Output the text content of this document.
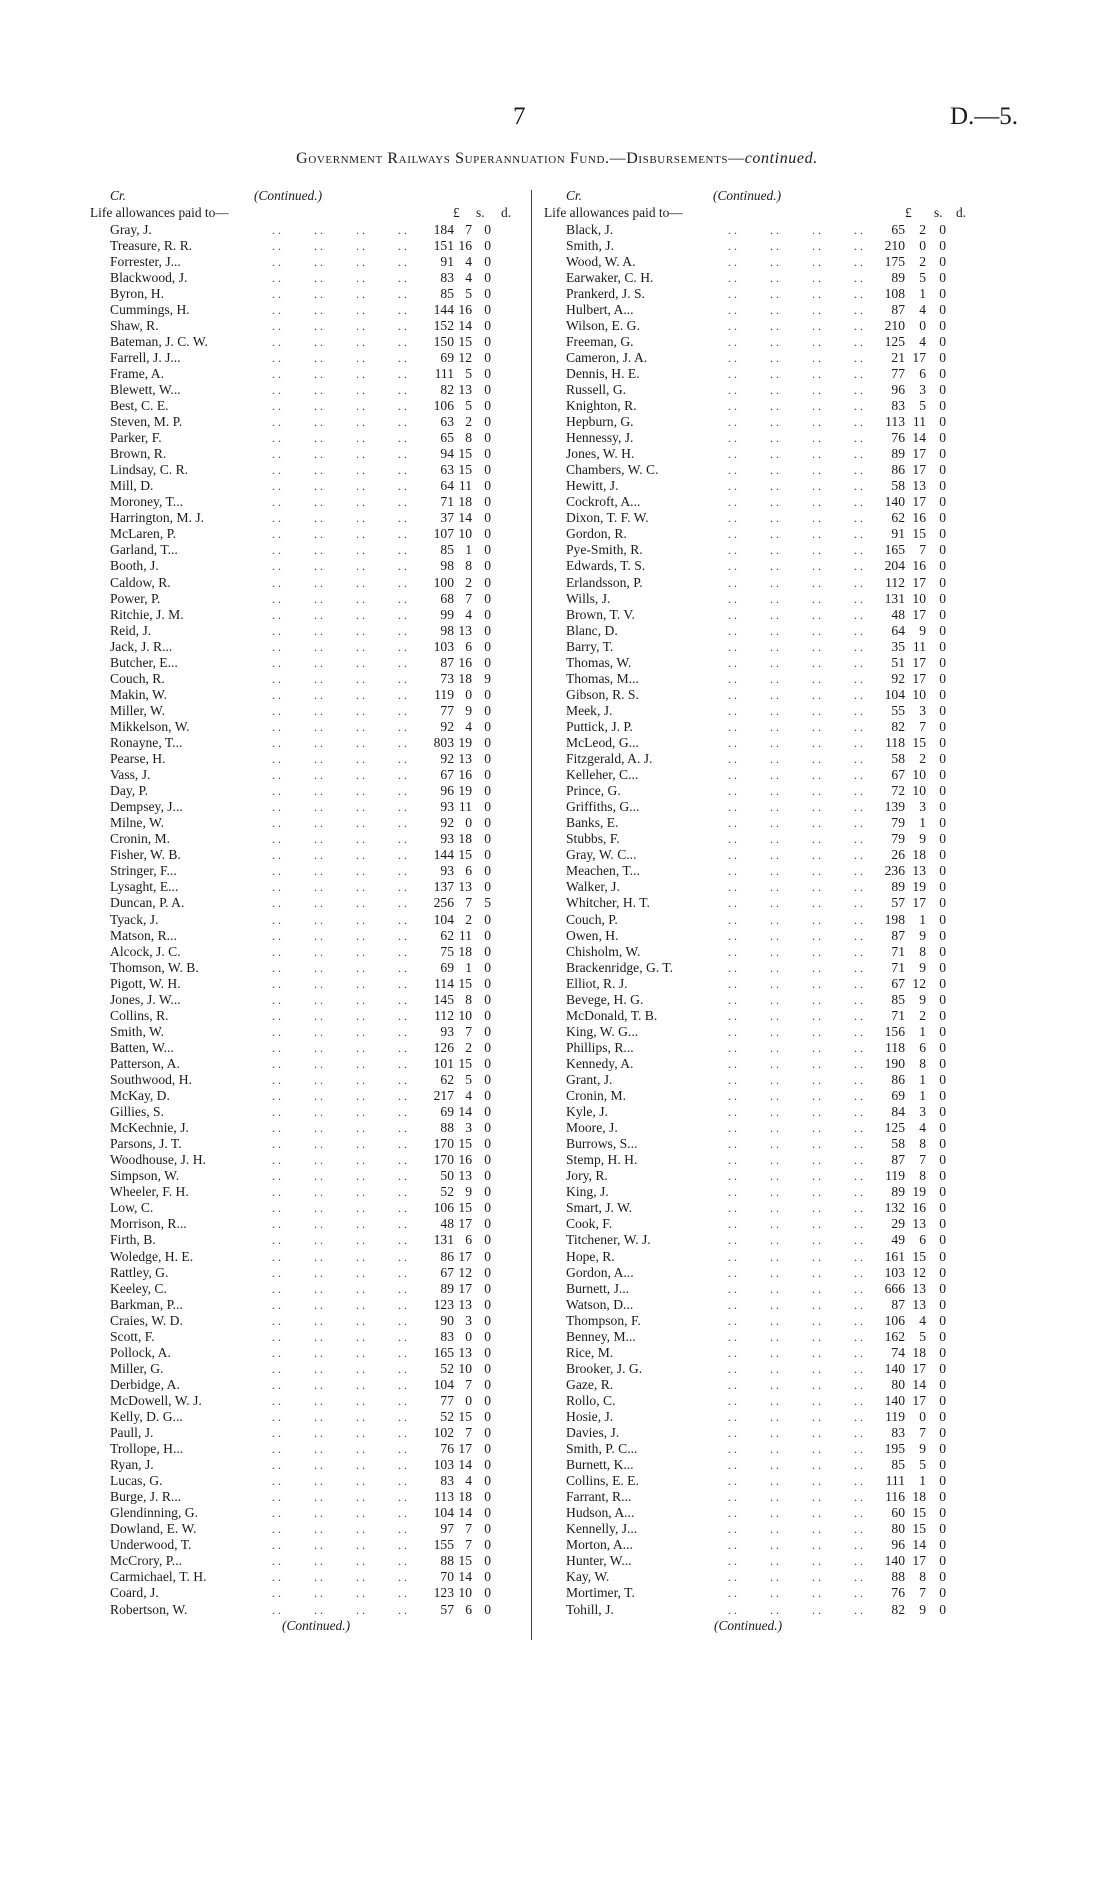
7	D.—5.
Government Railways Superannuation Fund.—Disbursements—continued.
Cr.	(Continued.)
Life allowances paid to—	£ s. d.
Gray, J.	..     ..     ..     ..	184 7 0
Treasure, R. R.	..     ..     ..     ..	151 16 0
Forrester, J...	..     ..     ..     ..	91 4 0
Blackwood, J.	..     ..     ..     ..	83 4 0
Byron, H.	..     ..     ..     ..	85 5 0
Cummings, H.	..     ..     ..     ..	144 16 0
Shaw, R.	..     ..     ..     ..	152 14 0
Bateman, J. C. W.	..     ..     ..     ..	150 15 0
Farrell, J. J...	..     ..     ..     ..	69 12 0
Frame, A.	..     ..     ..     ..	111 5 0
Blewett, W...	..     ..     ..     ..	82 13 0
Best, C. E.	..     ..     ..     ..	106 5 0
Steven, M. P.	..     ..     ..     ..	63 2 0
Parker, F.	..     ..     ..     ..	65 8 0
Brown, R.	..     ..     ..     ..	94 15 0
Lindsay, C. R.	..     ..     ..     ..	63 15 0
Mill, D.	..     ..     ..     ..	64 11 0
Moroney, T...	..     ..     ..     ..	71 18 0
Harrington, M. J.	..     ..     ..     ..	37 14 0
McLaren, P.	..     ..     ..     ..	107 10 0
Garland, T...	..     ..     ..     ..	85 1 0
Booth, J.	..     ..     ..     ..	98 8 0
Caldow, R.	..     ..     ..     ..	100 2 0
Power, P.	..     ..     ..     ..	68 7 0
Ritchie, J. M.	..     ..     ..     ..	99 4 0
Reid, J.	..     ..     ..     ..	98 13 0
Jack, J. R...	..     ..     ..     ..	103 6 0
Butcher, E...	..     ..     ..     ..	87 16 0
Couch, R.	..     ..     ..     ..	73 18 9
Makin, W.	..     ..     ..     ..	119 0 0
Miller, W.	..     ..     ..     ..	77 9 0
Mikkelson, W.	..     ..     ..     ..	92 4 0
Ronayne, T...	..     ..     ..     ..	803 19 0
Pearse, H.	..     ..     ..     ..	92 13 0
Vass, J.	..     ..     ..     ..	67 16 0
Day, P.	..     ..     ..     ..	96 19 0
Dempsey, J...	..     ..     ..     ..	93 11 0
Milne, W.	..     ..     ..     ..	92 0 0
Cronin, M.	..     ..     ..     ..	93 18 0
Fisher, W. B.	..     ..     ..     ..	144 15 0
Stringer, F...	..     ..     ..     ..	93 6 0
Lysaght, E...	..     ..     ..     ..	137 13 0
Duncan, P. A.	..     ..     ..     ..	256 7 5
Tyack, J.	..     ..     ..     ..	104 2 0
Matson, R...	..     ..     ..     ..	62 11 0
Alcock, J. C.	..     ..     ..     ..	75 18 0
Thomson, W. B.	..     ..     ..     ..	69 1 0
Pigott, W. H.	..     ..     ..     ..	114 15 0
Jones, J. W...	..     ..     ..     ..	145 8 0
Collins, R.	..     ..     ..     ..	112 10 0
Smith, W.	..     ..     ..     ..	93 7 0
Batten, W...	..     ..     ..     ..	126 2 0
Patterson, A.	..     ..     ..     ..	101 15 0
Southwood, H.	..     ..     ..     ..	62 5 0
McKay, D.	..     ..     ..     ..	217 4 0
Gillies, S.	..     ..     ..     ..	69 14 0
McKechnie, J.	..     ..     ..     ..	88 3 0
Parsons, J. T.	..     ..     ..     ..	170 15 0
Woodhouse, J. H.	..     ..     ..     ..	170 16 0
Simpson, W.	..     ..     ..     ..	50 13 0
Wheeler, F. H.	..     ..     ..     ..	52 9 0
Low, C.	..     ..     ..     ..	106 15 0
Morrison, R...	..     ..     ..     ..	48 17 0
Firth, B.	..     ..     ..     ..	131 6 0
Woledge, H. E.	..     ..     ..     ..	86 17 0
Rattley, G.	..     ..     ..     ..	67 12 0
Keeley, C.	..     ..     ..     ..	89 17 0
Barkman, P...	..     ..     ..     ..	123 13 0
Craies, W. D.	..     ..     ..     ..	90 3 0
Scott, F.	..     ..     ..     ..	83 0 0
Pollock, A.	..     ..     ..     ..	165 13 0
Miller, G.	..     ..     ..     ..	52 10 0
Derbidge, A.	..     ..     ..     ..	104 7 0
McDowell, W. J.	..     ..     ..     ..	77 0 0
Kelly, D. G...	..     ..     ..     ..	52 15 0
Paull, J.	..     ..     ..     ..	102 7 0
Trollope, H...	..     ..     ..     ..	76 17 0
Ryan, J.	..     ..     ..     ..	103 14 0
Lucas, G.	..     ..     ..     ..	83 4 0
Burge, J. R...	..     ..     ..     ..	113 18 0
Glendinning, G.	..     ..     ..     ..	104 14 0
Dowland, E. W.	..     ..     ..     ..	97 7 0
Underwood, T.	..     ..     ..     ..	155 7 0
McCrory, P...	..     ..     ..     ..	88 15 0
Carmichael, T. H.	..     ..     ..     ..	70 14 0
Coard, J.	..     ..     ..     ..	123 10 0
Robertson, W.	..     ..     ..     ..	57 6 0
(Continued.)
Cr.	(Continued.)
Life allowances paid to—	£ s. d.
Black, J.	..     ..     ..     ..	65	2 0
Smith, J.	..     ..     ..     ..	210	0 0
Wood, W. A.	..     ..     ..     ..	175	2 0
Earwaker, C. H.	..     ..     ..     ..	89	5 0
Prankerd, J. S.	..     ..     ..     ..	108	1 0
Hulbert, A...	..     ..     ..     ..	87	4 0
Wilson, E. G.	..     ..     ..     ..	210	0 0
Freeman, G.	..     ..     ..     ..	125	4 0
Cameron, J. A.	..     ..     ..     ..	21 17 0
Dennis, H. E.	..     ..     ..     ..	77	6 0
Russell, G.	..     ..     ..     ..	96	3 0
Knighton, R.	..     ..     ..     ..	83	5 0
Hepburn, G.	..     ..     ..     ..	113 11 0
Hennessy, J.	..     ..     ..     ..	76 14 0
Jones, W. H.	..     ..     ..     ..	89 17 0
Chambers, W. C.	..     ..     ..     ..	86 17 0
Hewitt, J.	..     ..     ..     ..	58 13 0
Cockroft, A...	..     ..     ..     ..	140 17 0
Dixon, T. F. W.	..     ..     ..     ..	62 16 0
Gordon, R.	..     ..     ..     ..	91 15 0
Pye-Smith, R.	..     ..     ..     ..	165	7 0
Edwards, T. S.	..     ..     ..     ..	204 16 0
Erlandsson, P.	..     ..     ..     ..	112 17 0
Wills, J.	..     ..     ..     ..	131 10 0
Brown, T. V.	..     ..     ..     ..	48 17 0
Blanc, D.	..     ..     ..     ..	64	9 0
Barry, T.	..     ..     ..     ..	35 11 0
Thomas, W.	..     ..     ..     ..	51 17 0
Thomas, M...	..     ..     ..     ..	92 17 0
Gibson, R. S.	..     ..     ..     ..	104 10 0
Meek, J.	..     ..     ..     ..	55	3 0
Puttick, J. P.	..     ..     ..     ..	82	7 0
McLeod, G...	..     ..     ..     ..	118 15 0
Fitzgerald, A. J.	..     ..     ..     ..	58	2 0
Kelleher, C...	..     ..     ..     ..	67 10 0
Prince, G.	..     ..     ..     ..	72 10 0
Griffiths, G...	..     ..     ..     ..	139	3 0
Banks, E.	..     ..     ..     ..	79	1 0
Stubbs, F.	..     ..     ..     ..	79	9 0
Gray, W. C...	..     ..     ..     ..	26 18 0
Meachen, T...	..     ..     ..     ..	236 13 0
Walker, J.	..     ..     ..     ..	89 19 0
Whitcher, H. T.	..     ..     ..     ..	57 17 0
Couch, P.	..     ..     ..     ..	198	1 0
Owen, H.	..     ..     ..     ..	87	9 0
Chisholm, W.	..     ..     ..     ..	71	8 0
Brackenridge, G. T.	..     ..     ..     ..	71	9 0
Elliot, R. J.	..     ..     ..     ..	67 12 0
Bevege, H. G.	..     ..     ..     ..	85	9 0
McDonald, T. B.	..     ..     ..     ..	71	2 0
King, W. G...	..     ..     ..     ..	156	1 0
Phillips, R...	..     ..     ..     ..	118	6 0
Kennedy, A.	..     ..     ..     ..	190	8 0
Grant, J.	..     ..     ..     ..	86	1 0
Cronin, M.	..     ..     ..     ..	69	1 0
Kyle, J.	..     ..     ..     ..	84	3 0
Moore, J.	..     ..     ..     ..	125	4 0
Burrows, S...	..     ..     ..     ..	58	8 0
Stemp, H. H.	..     ..     ..     ..	87	7 0
Jory, R.	..     ..     ..     ..	119	8 0
King, J.	..     ..     ..     ..	89 19 0
Smart, J. W.	..     ..     ..     ..	132 16 0
Cook, F.	..     ..     ..     ..	29 13 0
Titchener, W. J.	..     ..     ..     ..	49	6 0
Hope, R.	..     ..     ..     ..	161 15 0
Gordon, A...	..     ..     ..     ..	103 12 0
Burnett, J...	..     ..     ..     ..	666 13 0
Watson, D...	..     ..     ..     ..	87 13 0
Thompson, F.	..     ..     ..     ..	106	4 0
Benney, M...	..     ..     ..     ..	162	5 0
Rice, M.	..     ..     ..     ..	74 18 0
Brooker, J. G.	..     ..     ..     ..	140 17 0
Gaze, R.	..     ..     ..     ..	80 14 0
Rollo, C.	..     ..     ..     ..	140 17 0
Hosie, J.	..     ..     ..     ..	119	0 0
Davies, J.	..     ..     ..     ..	83	7 0
Smith, P. C...	..     ..     ..     ..	195	9 0
Burnett, K...	..     ..     ..     ..	85	5 0
Collins, E. E.	..     ..     ..     ..	111	1 0
Farrant, R...	..     ..     ..     ..	116 18 0
Hudson, A...	..     ..     ..     ..	60 15 0
Kennelly, J...	..     ..     ..     ..	80 15 0
Morton, A...	..     ..     ..     ..	96 14 0
Hunter, W...	..     ..     ..     ..	140 17 0
Kay, W.	..     ..     ..     ..	88	8 0
Mortimer, T.	..     ..     ..     ..	76	7 0
Tohill, J.	..     ..     ..     ..	82	9 0
(Continued.)
